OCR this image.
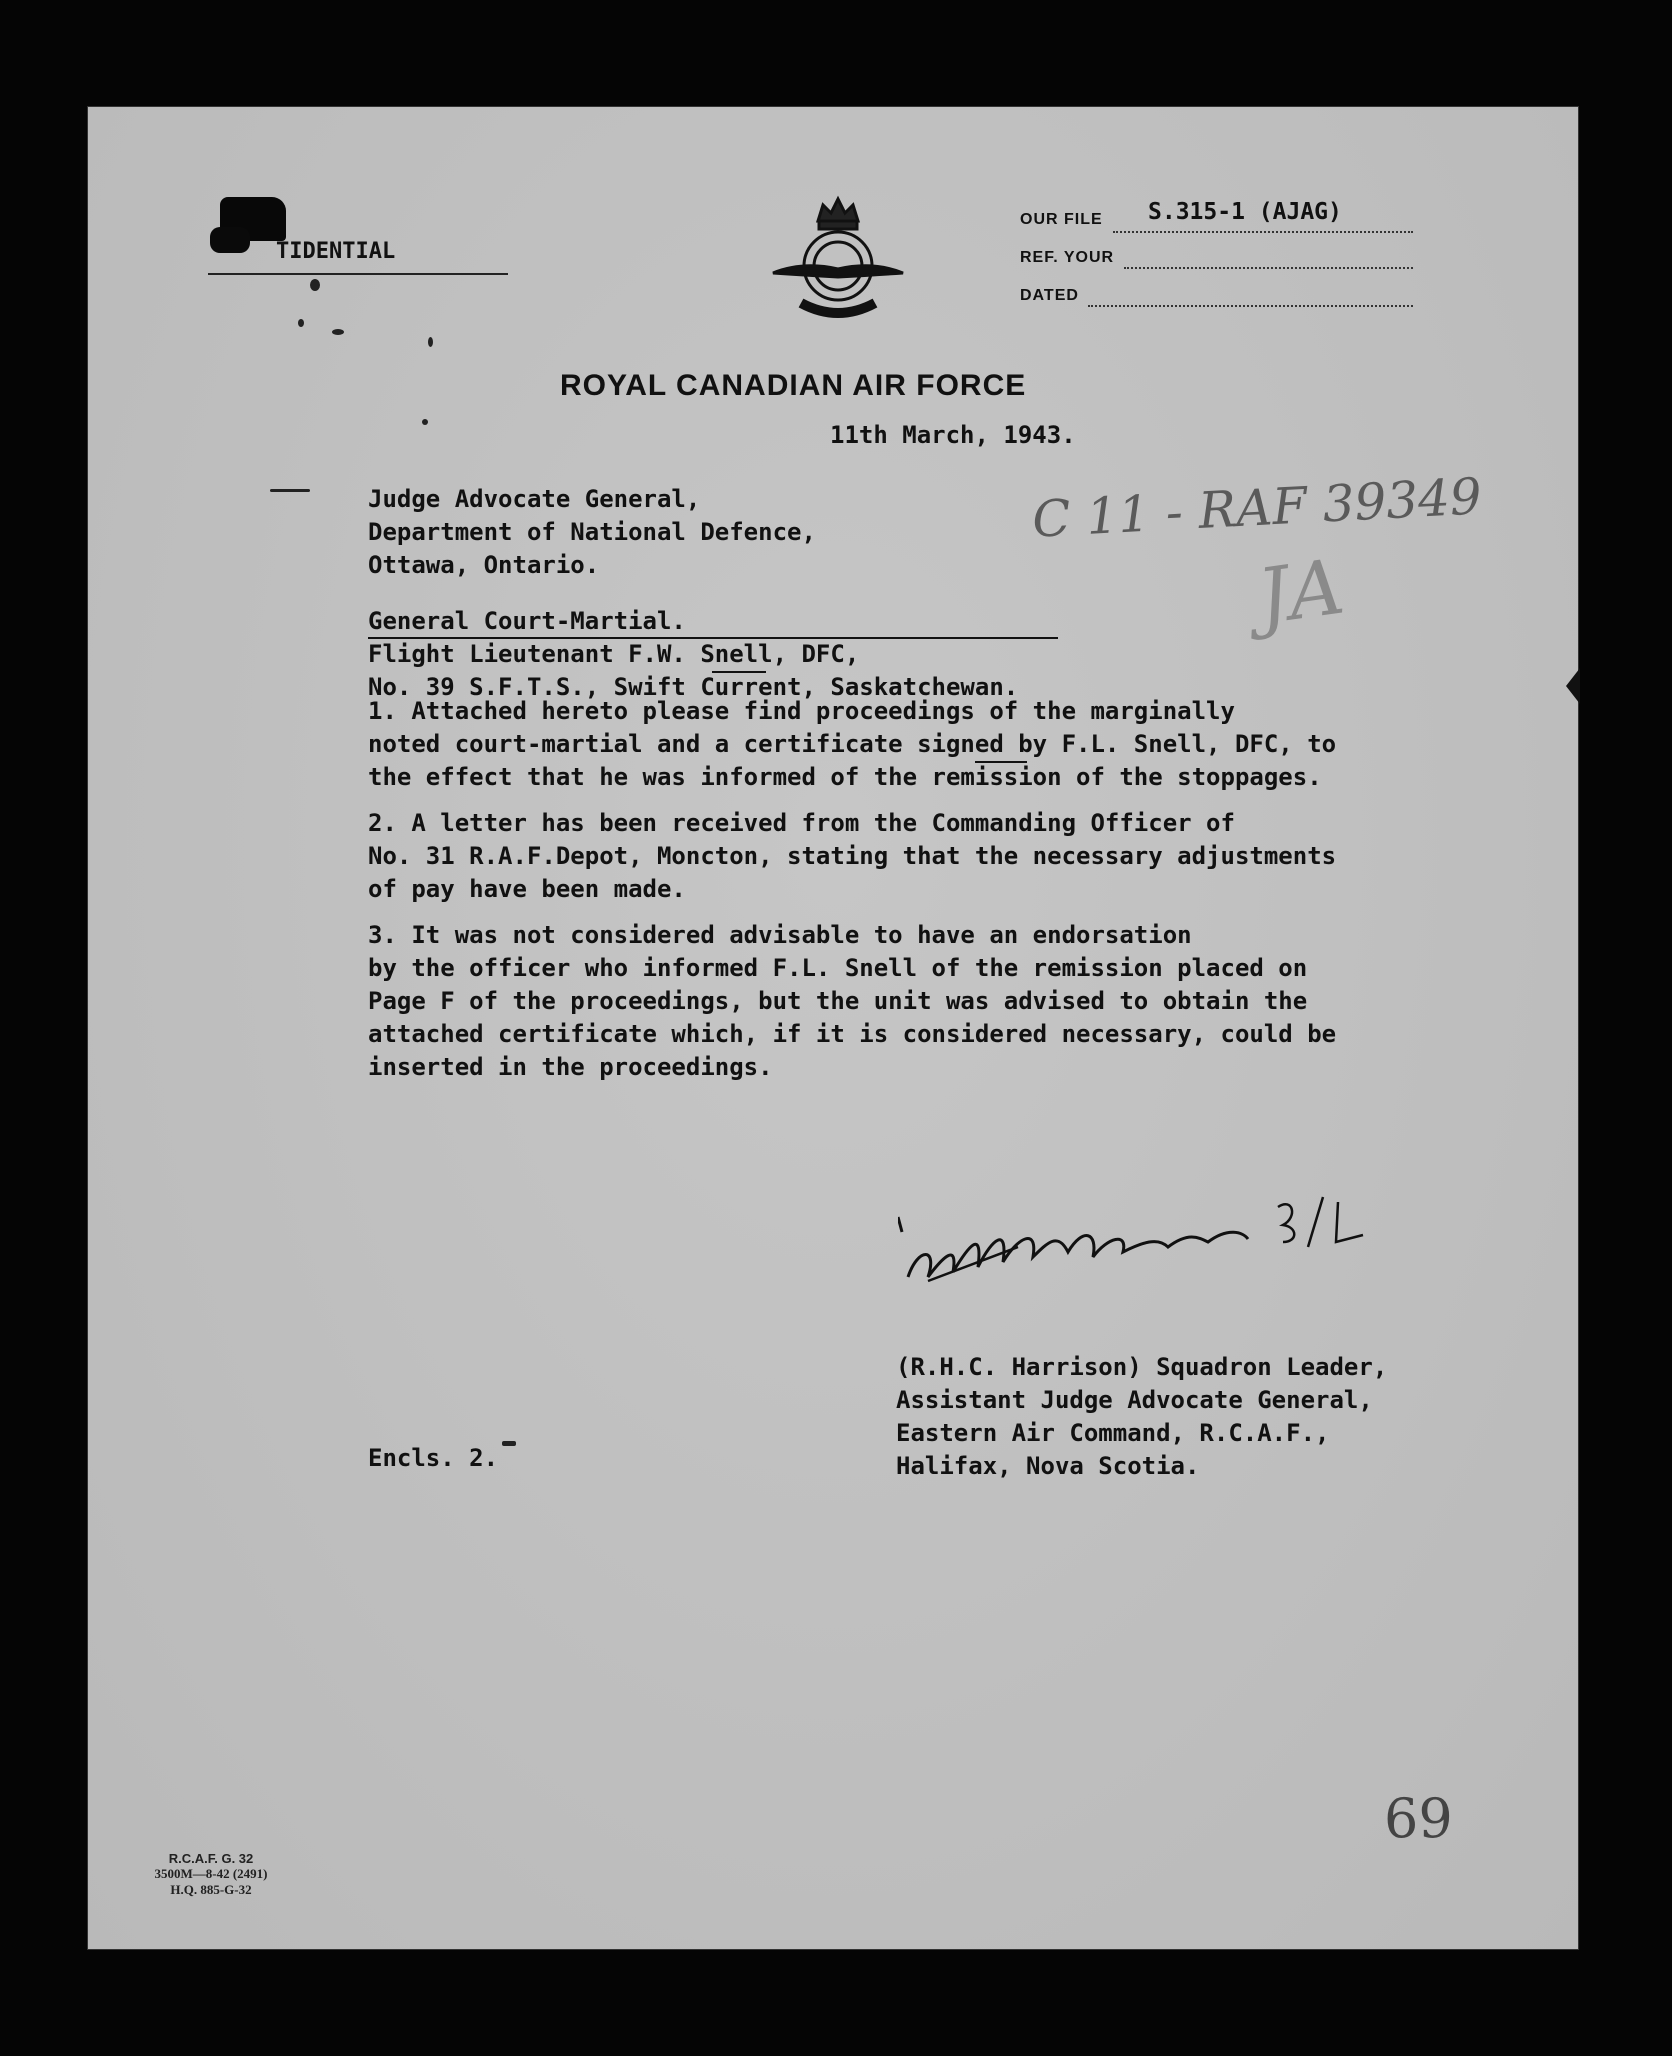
TIDENTIAL
OUR FILE S.315-1 (AJAG)
REF. YOUR
DATED
ROYAL CANADIAN AIR FORCE
11th March, 1943.
Judge Advocate General,
Department of National Defence,
Ottawa, Ontario.
C 11 - RAF 39349
JA
General Court-Martial.
Flight Lieutenant F.W. Snell, DFC,
No. 39 S.F.T.S., Swift Current, Saskatchewan.
1. Attached hereto please find proceedings of the marginally
noted court-martial and a certificate signed by F.L. Snell, DFC, to
the effect that he was informed of the remission of the stoppages.
2. A letter has been received from the Commanding Officer of
No. 31 R.A.F.Depot, Moncton, stating that the necessary adjustments
of pay have been made.
3. It was not considered advisable to have an endorsation
by the officer who informed F.L. Snell of the remission placed on
Page F of the proceedings, but the unit was advised to obtain the
attached certificate which, if it is considered necessary, could be
inserted in the proceedings.
(R.H.C. Harrison) Squadron Leader,
Assistant Judge Advocate General,
Eastern Air Command, R.C.A.F.,
Halifax, Nova Scotia.
Encls. 2.
69
R.C.A.F. G. 32
3500M—8-42 (2491)
H.Q. 885-G-32
